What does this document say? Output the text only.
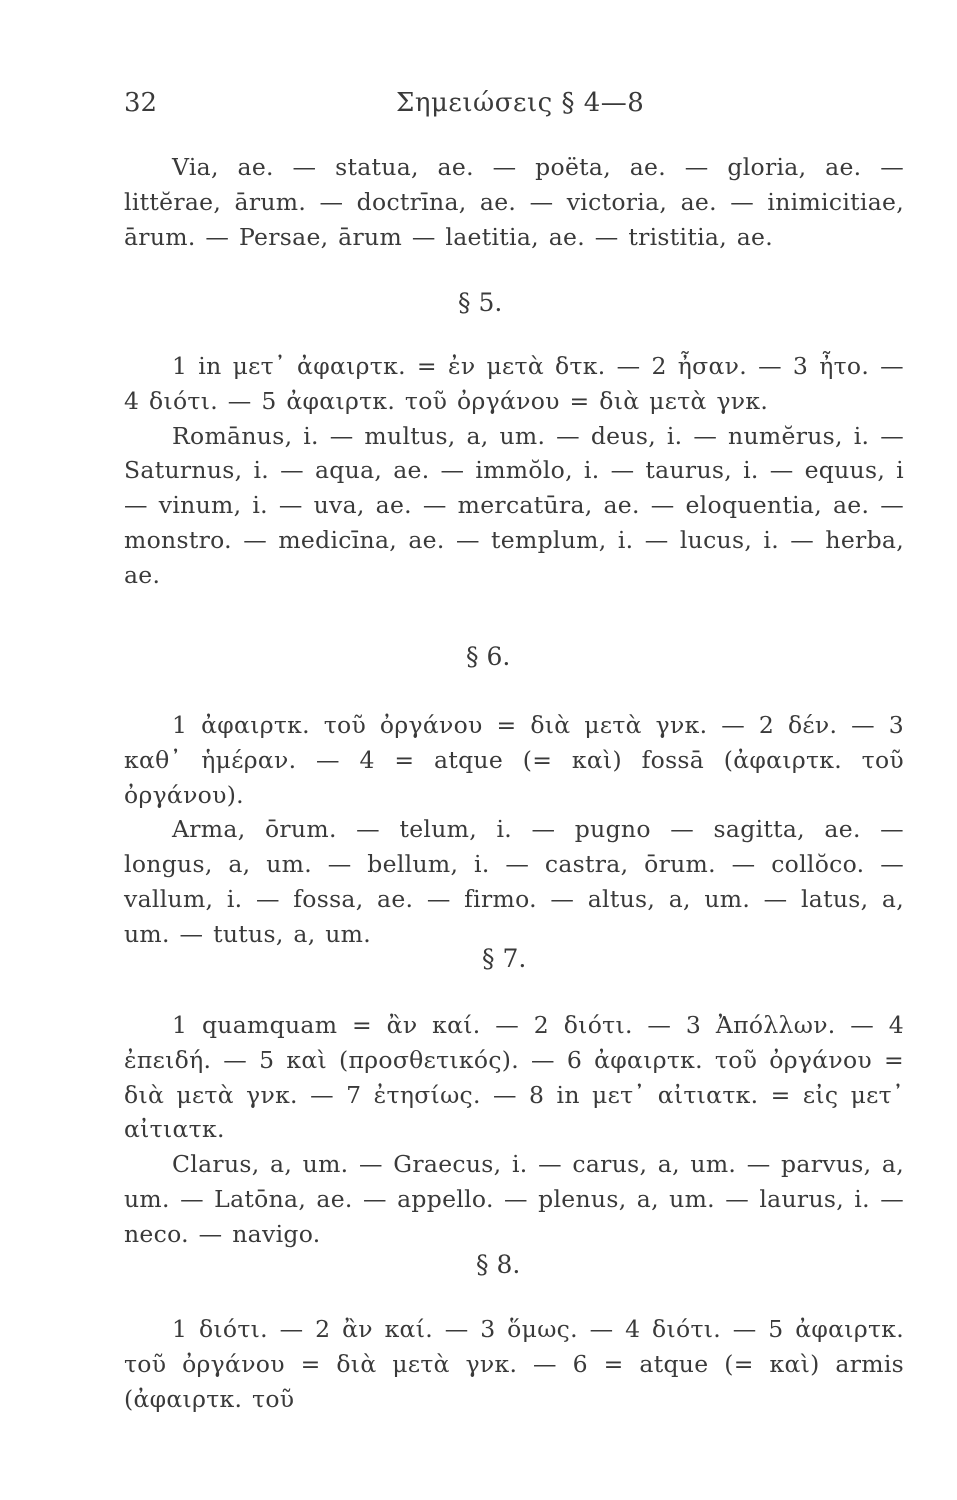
32	Σημειώσεις § 4—8

Via, ae. — statua, ae. — poëta, ae. — gloria, ae. — littĕrae, ārum. — doctrīna, ae. — victoria, ae. — inimicitiae, ārum. — Persae, ārum — laetitia, ae. — tristitia, ae.

§ 5.

1 in μετ᾿ ἀφαιρτκ. = ἐν μετὰ δτκ. — 2 ἦσαν. — 3 ἦτο. — 4 διότι. — 5 ἀφαιρτκ. τοῦ ὀργάνου = διὰ μετὰ γνκ.

Romānus, i. — multus, a, um. — deus, i. — numĕrus, i. — Saturnus, i. — aqua, ae. — immŏlo, i. — taurus, i. — equus, i — vinum, i. — uva, ae. — mercatūra, ae. — eloquentia, ae. — monstro. — medicīna, ae. — templum, i. — lucus, i. — herba, ae.

§ 6.

1 ἀφαιρτκ. τοῦ ὀργάνου = διὰ μετὰ γνκ. — 2 δέν. — 3 καθ᾿ ἡμέραν. — 4 = atque (= καὶ) fossā (ἀφαιρτκ. τοῦ ὀργάνου).

Arma, ōrum. — telum, i. — pugno — sagitta, ae. — longus, a, um. — bellum, i. — castra, ōrum. — collŏco. — vallum, i. — fossa, ae. — firmo. — altus, a, um. — latus, a, um. — tutus, a, um.

§ 7.

1 quamquam = ἂν καί. — 2 διότι. — 3 Ἀπόλλων. — 4 ἐπειδή. — 5 καὶ (προσθετικός). — 6 ἀφαιρτκ. τοῦ ὀργάνου = διὰ μετὰ γνκ. — 7 ἐτησίως. — 8 in μετ᾿ αἰτιατκ. = εἰς μετ᾿ αἰτιατκ.

Clarus, a, um. — Graecus, i. — carus, a, um. — parvus, a, um. — Latōna, ae. — appello. — plenus, a, um. — laurus, i. — neco. — navigo.

§ 8.

1 διότι. — 2 ἂν καί. — 3 ὅμως. — 4 διότι. — 5 ἀφαιρτκ. τοῦ ὀργάνου = διὰ μετὰ γνκ. — 6 = atque (= καὶ) armis (ἀφαιρτκ. τοῦ
